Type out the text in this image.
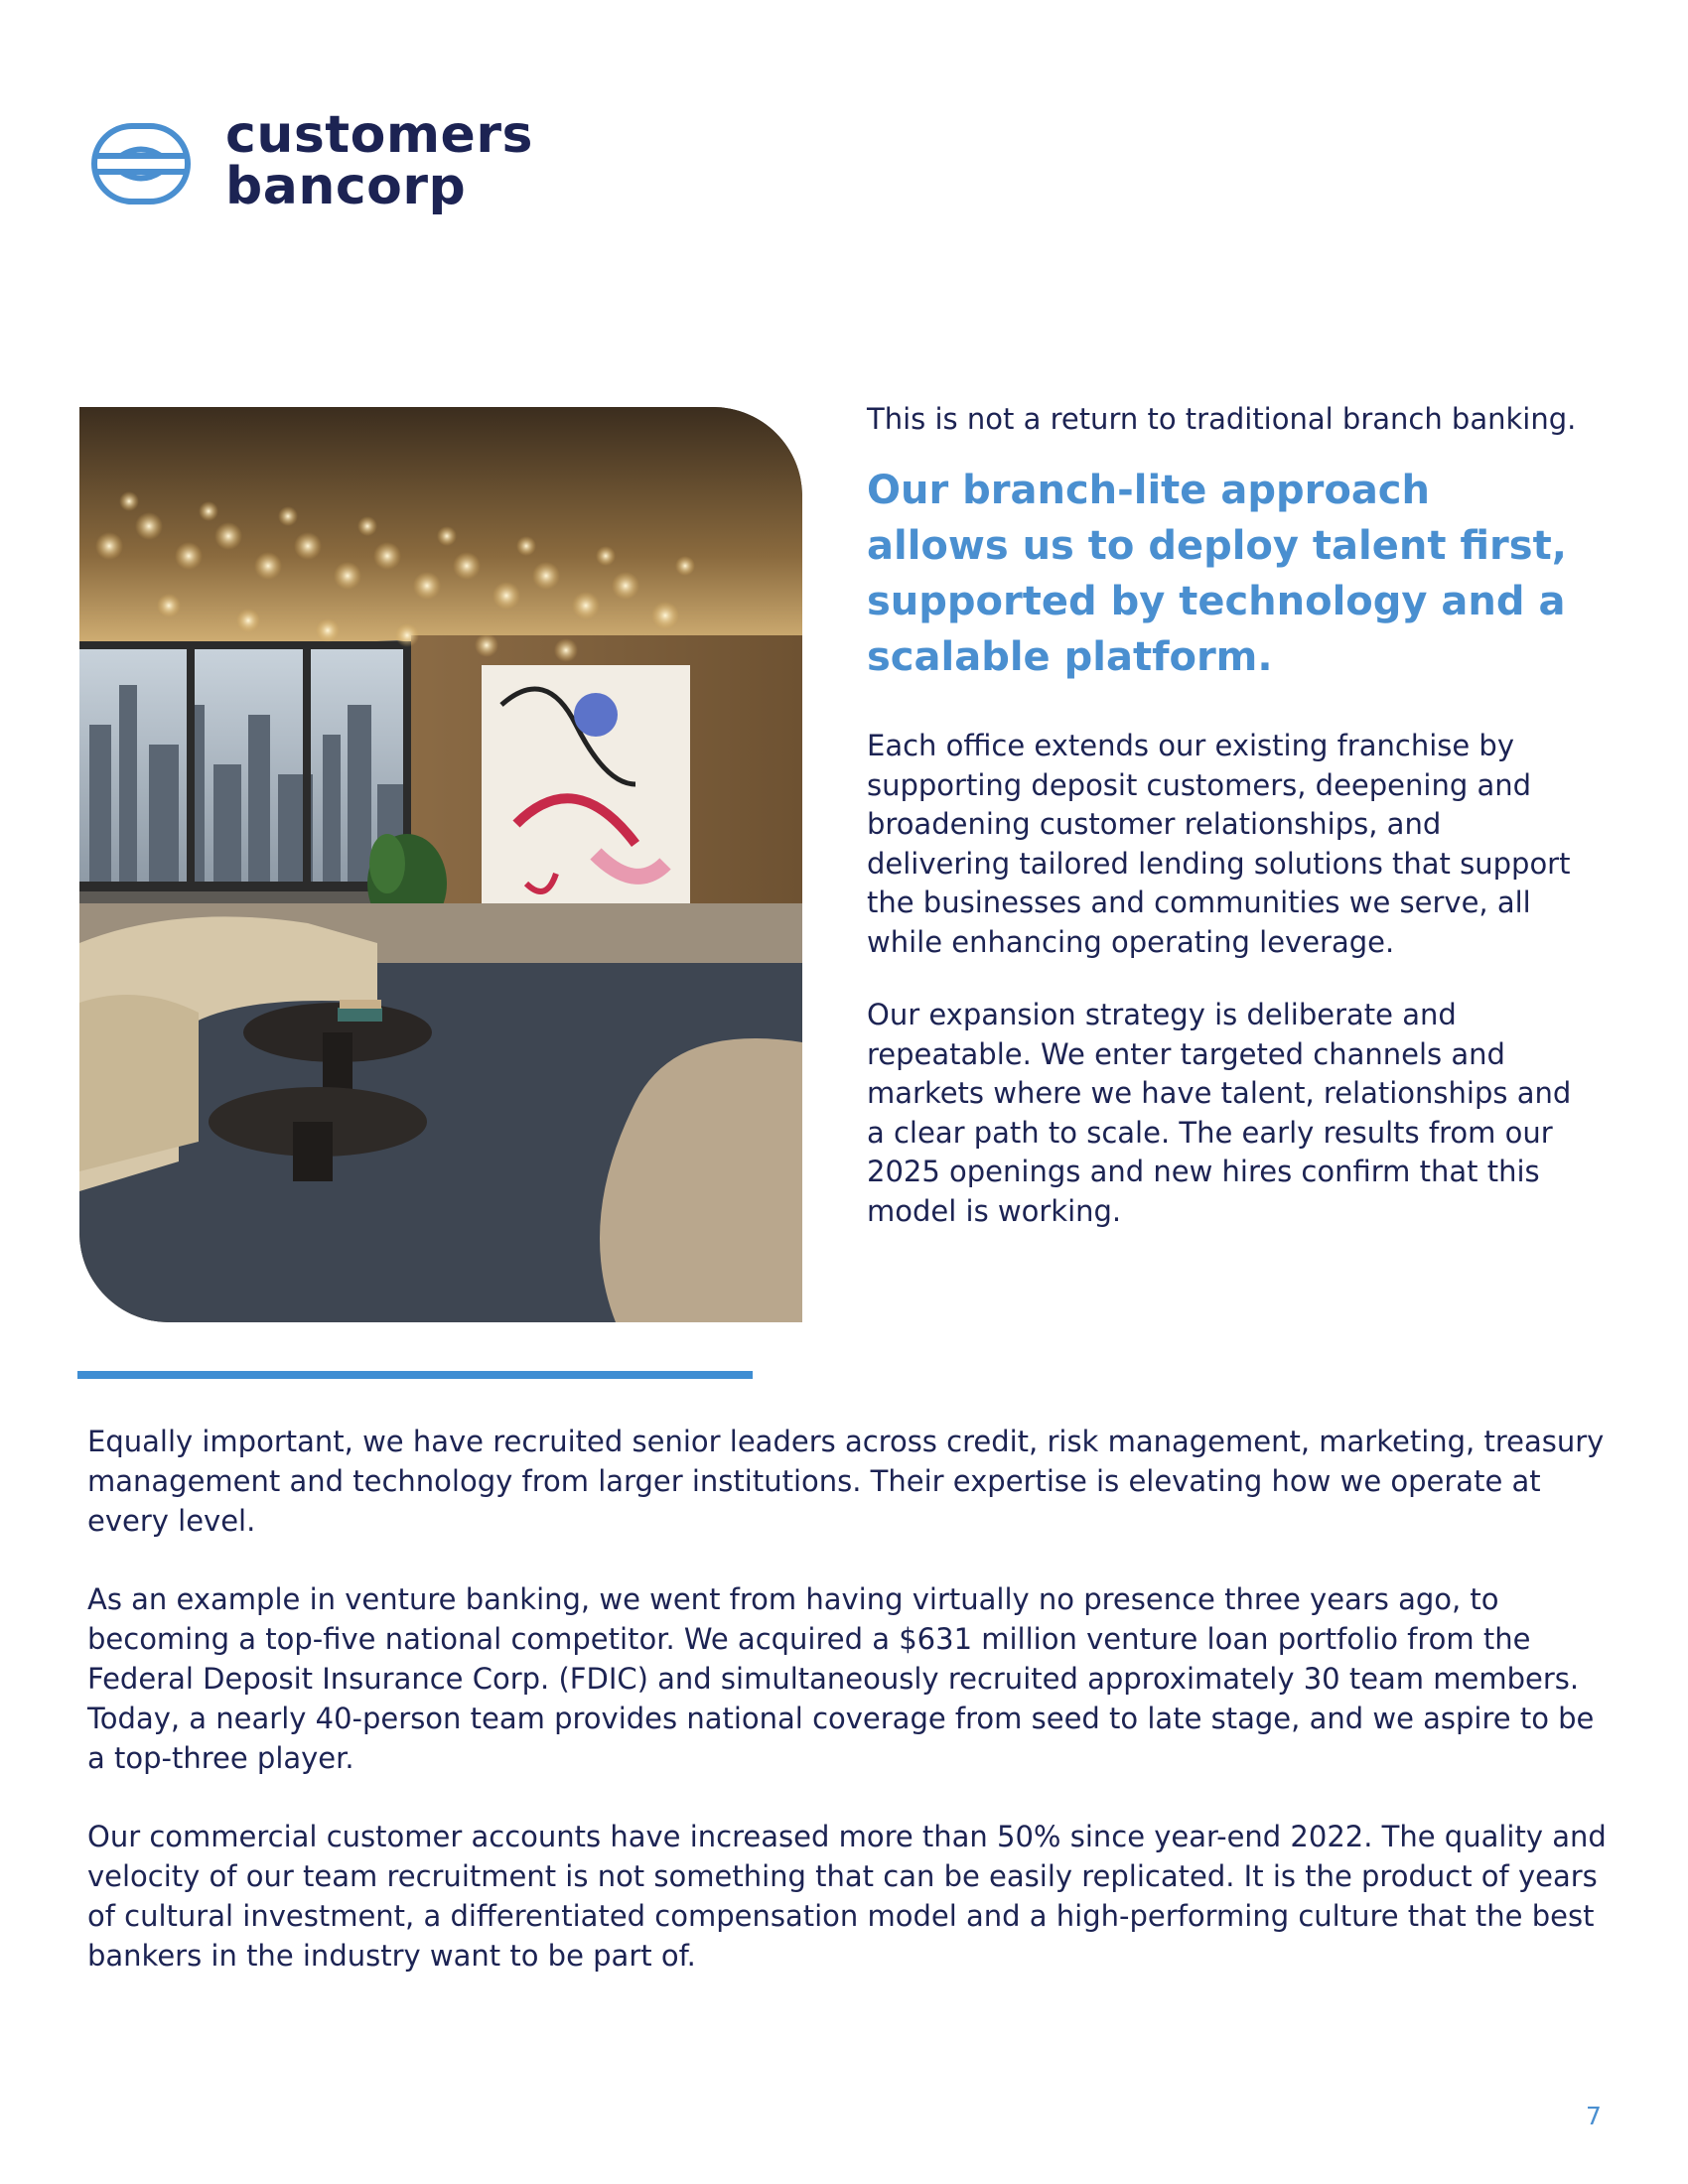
customers
bancorp

This is not a return to traditional branch banking.

Our branch-lite approach allows us to deploy talent first, supported by technology and a scalable platform.

Each office extends our existing franchise by supporting deposit customers, deepening and broadening customer relationships, and delivering tailored lending solutions that support the businesses and communities we serve, all while enhancing operating leverage.

Our expansion strategy is deliberate and repeatable. We enter targeted channels and markets where we have talent, relationships and a clear path to scale. The early results from our 2025 openings and new hires confirm that this model is working.

Equally important, we have recruited senior leaders across credit, risk management, marketing, treasury management and technology from larger institutions. Their expertise is elevating how we operate at every level.

As an example in venture banking, we went from having virtually no presence three years ago, to becoming a top-five national competitor. We acquired a $631 million venture loan portfolio from the Federal Deposit Insurance Corp. (FDIC) and simultaneously recruited approximately 30 team members. Today, a nearly 40-person team provides national coverage from seed to late stage, and we aspire to be a top-three player.

Our commercial customer accounts have increased more than 50% since year-end 2022. The quality and velocity of our team recruitment is not something that can be easily replicated. It is the product of years of cultural investment, a differentiated compensation model and a high-performing culture that the best bankers in the industry want to be part of.

7
